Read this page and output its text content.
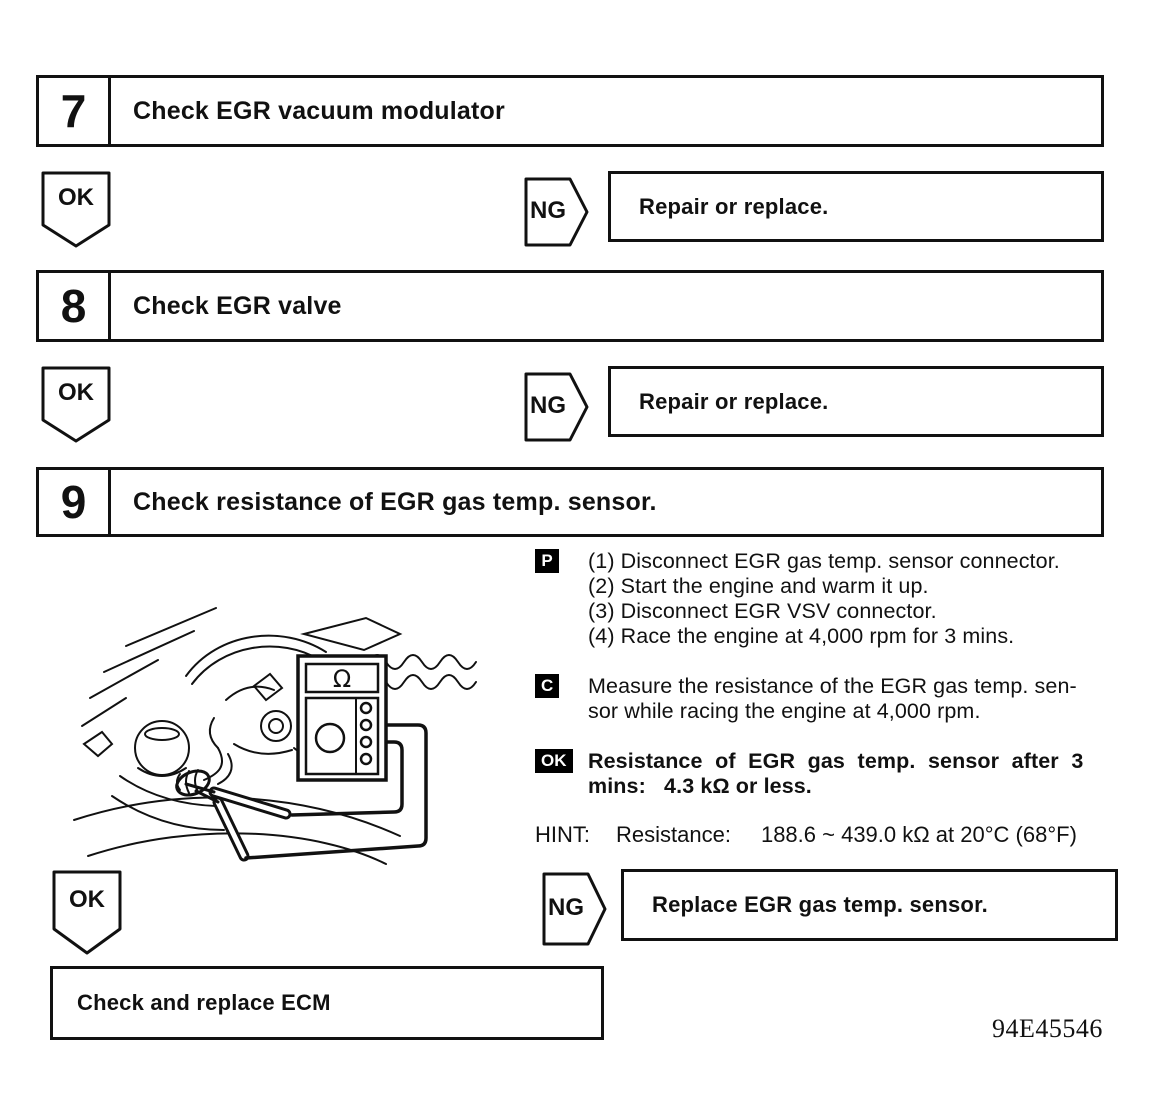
7	Check EGR vacuum modulator
OK	NG	Repair or replace.
8	Check EGR valve
OK	NG	Repair or replace.
9	Check resistance of EGR gas temp. sensor.
P (1) Disconnect EGR gas temp. sensor connector.
(2) Start the engine and warm it up.
(3) Disconnect EGR VSV connector.
(4) Race the engine at 4,000 rpm for 3 mins.
C Measure the resistance of the EGR gas temp. sen-
sor while racing the engine at 4,000 rpm.
OK Resistance of EGR gas temp. sensor after 3
mins:   4.3 kΩ or less.
HINT: Resistance: 188.6 ~ 439.0 kΩ at 20°C (68°F)
Ω
OK	NG	Replace EGR gas temp. sensor.
Check and replace ECM
94E45546
